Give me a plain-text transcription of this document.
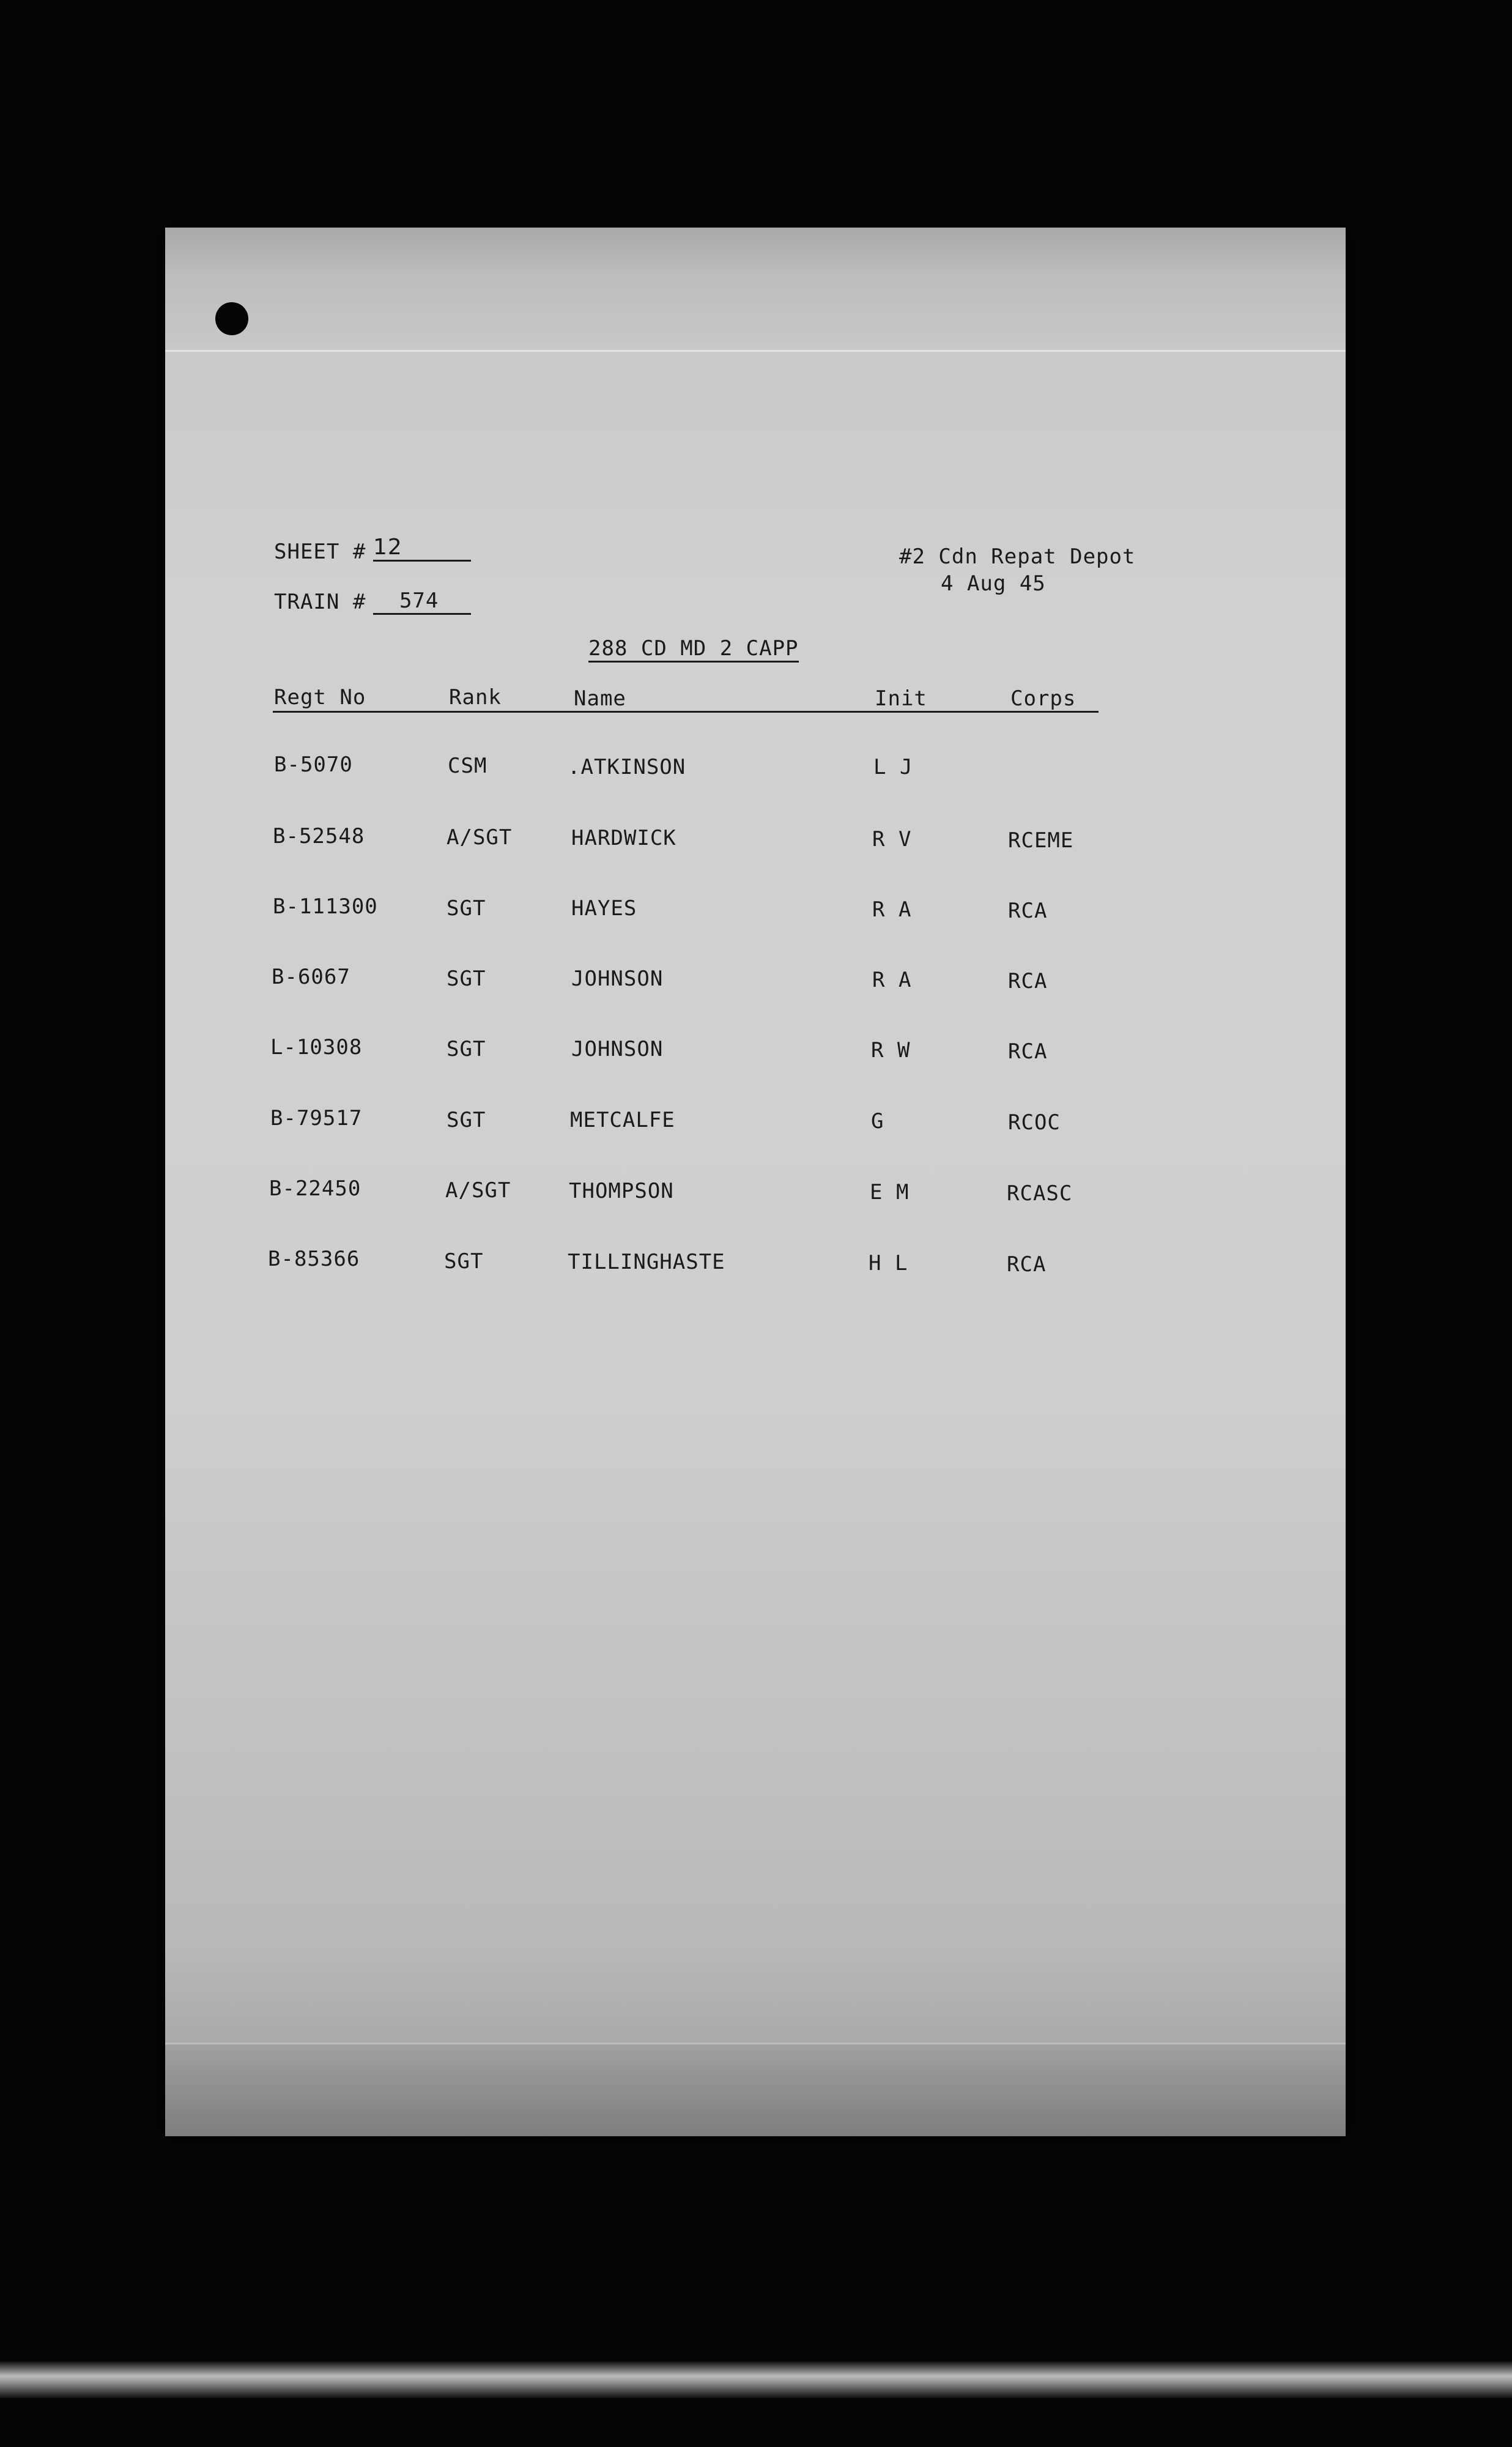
SHEET # 12
TRAIN #	574
#2 Cdn Repat Depot
4 Aug 45
288 CD MD 2 CAPP
Regt No	Rank	Name	Init	Corps
B-5070	CSM	.ATKINSON	L J
B-52548	A/SGT	HARDWICK	R V	RCEME
B-111300	SGT	HAYES	R A	RCA
B-6067	SGT	JOHNSON	R A	RCA
L-10308	SGT	JOHNSON	R W	RCA
B-79517	SGT	METCALFE	G	RCOC
B-22450	A/SGT	THOMPSON	E M	RCASC
B-85366	SGT	TILLINGHASTE	H L	RCA
